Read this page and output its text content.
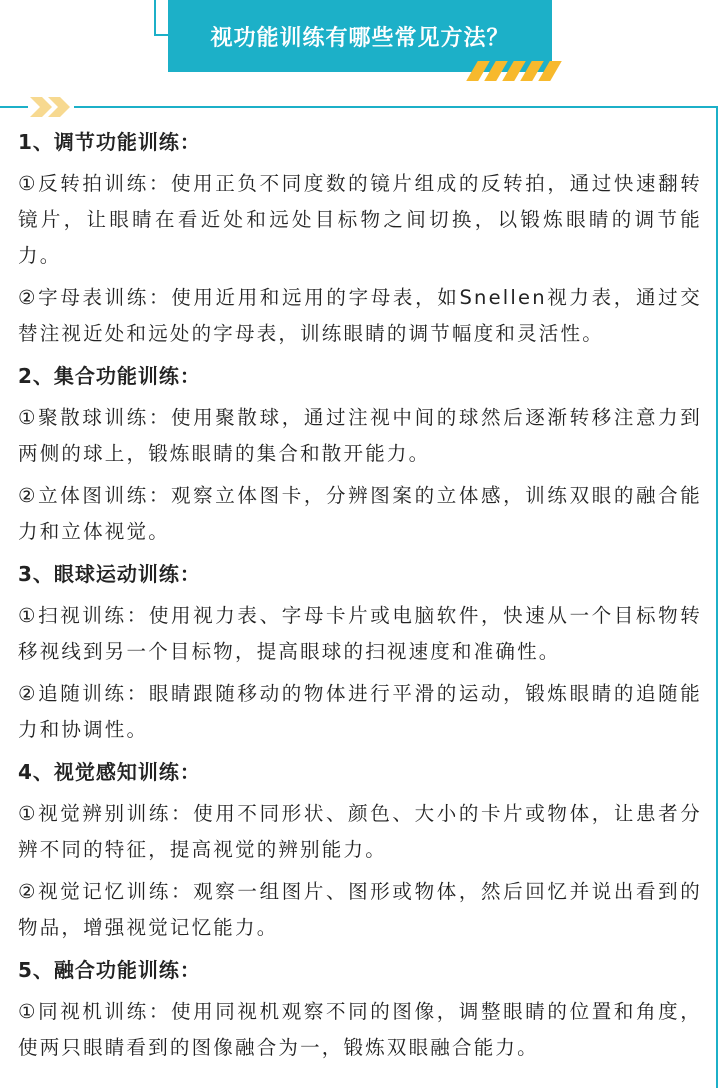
视功能训练有哪些常见方法？
1、调节功能训练：

①反转拍训练：使用正负不同度数的镜片组成的反转拍，通过快速翻转镜片，让眼睛在看近处和远处目标物之间切换，以锻炼眼睛的调节能力。

②字母表训练：使用近用和远用的字母表，如Snellen视力表，通过交替注视近处和远处的字母表，训练眼睛的调节幅度和灵活性。

2、集合功能训练：

①聚散球训练：使用聚散球，通过注视中间的球然后逐渐转移注意力到两侧的球上，锻炼眼睛的集合和散开能力。

②立体图训练：观察立体图卡，分辨图案的立体感，训练双眼的融合能力和立体视觉。

3、眼球运动训练：

①扫视训练：使用视力表、字母卡片或电脑软件，快速从一个目标物转移视线到另一个目标物，提高眼球的扫视速度和准确性。

②追随训练：眼睛跟随移动的物体进行平滑的运动，锻炼眼睛的追随能力和协调性。

4、视觉感知训练：

①视觉辨别训练：使用不同形状、颜色、大小的卡片或物体，让患者分辨不同的特征，提高视觉的辨别能力。

②视觉记忆训练：观察一组图片、图形或物体，然后回忆并说出看到的物品，增强视觉记忆能力。

5、融合功能训练：

①同视机训练：使用同视机观察不同的图像，调整眼睛的位置和角度，使两只眼睛看到的图像融合为一，锻炼双眼融合能力。
